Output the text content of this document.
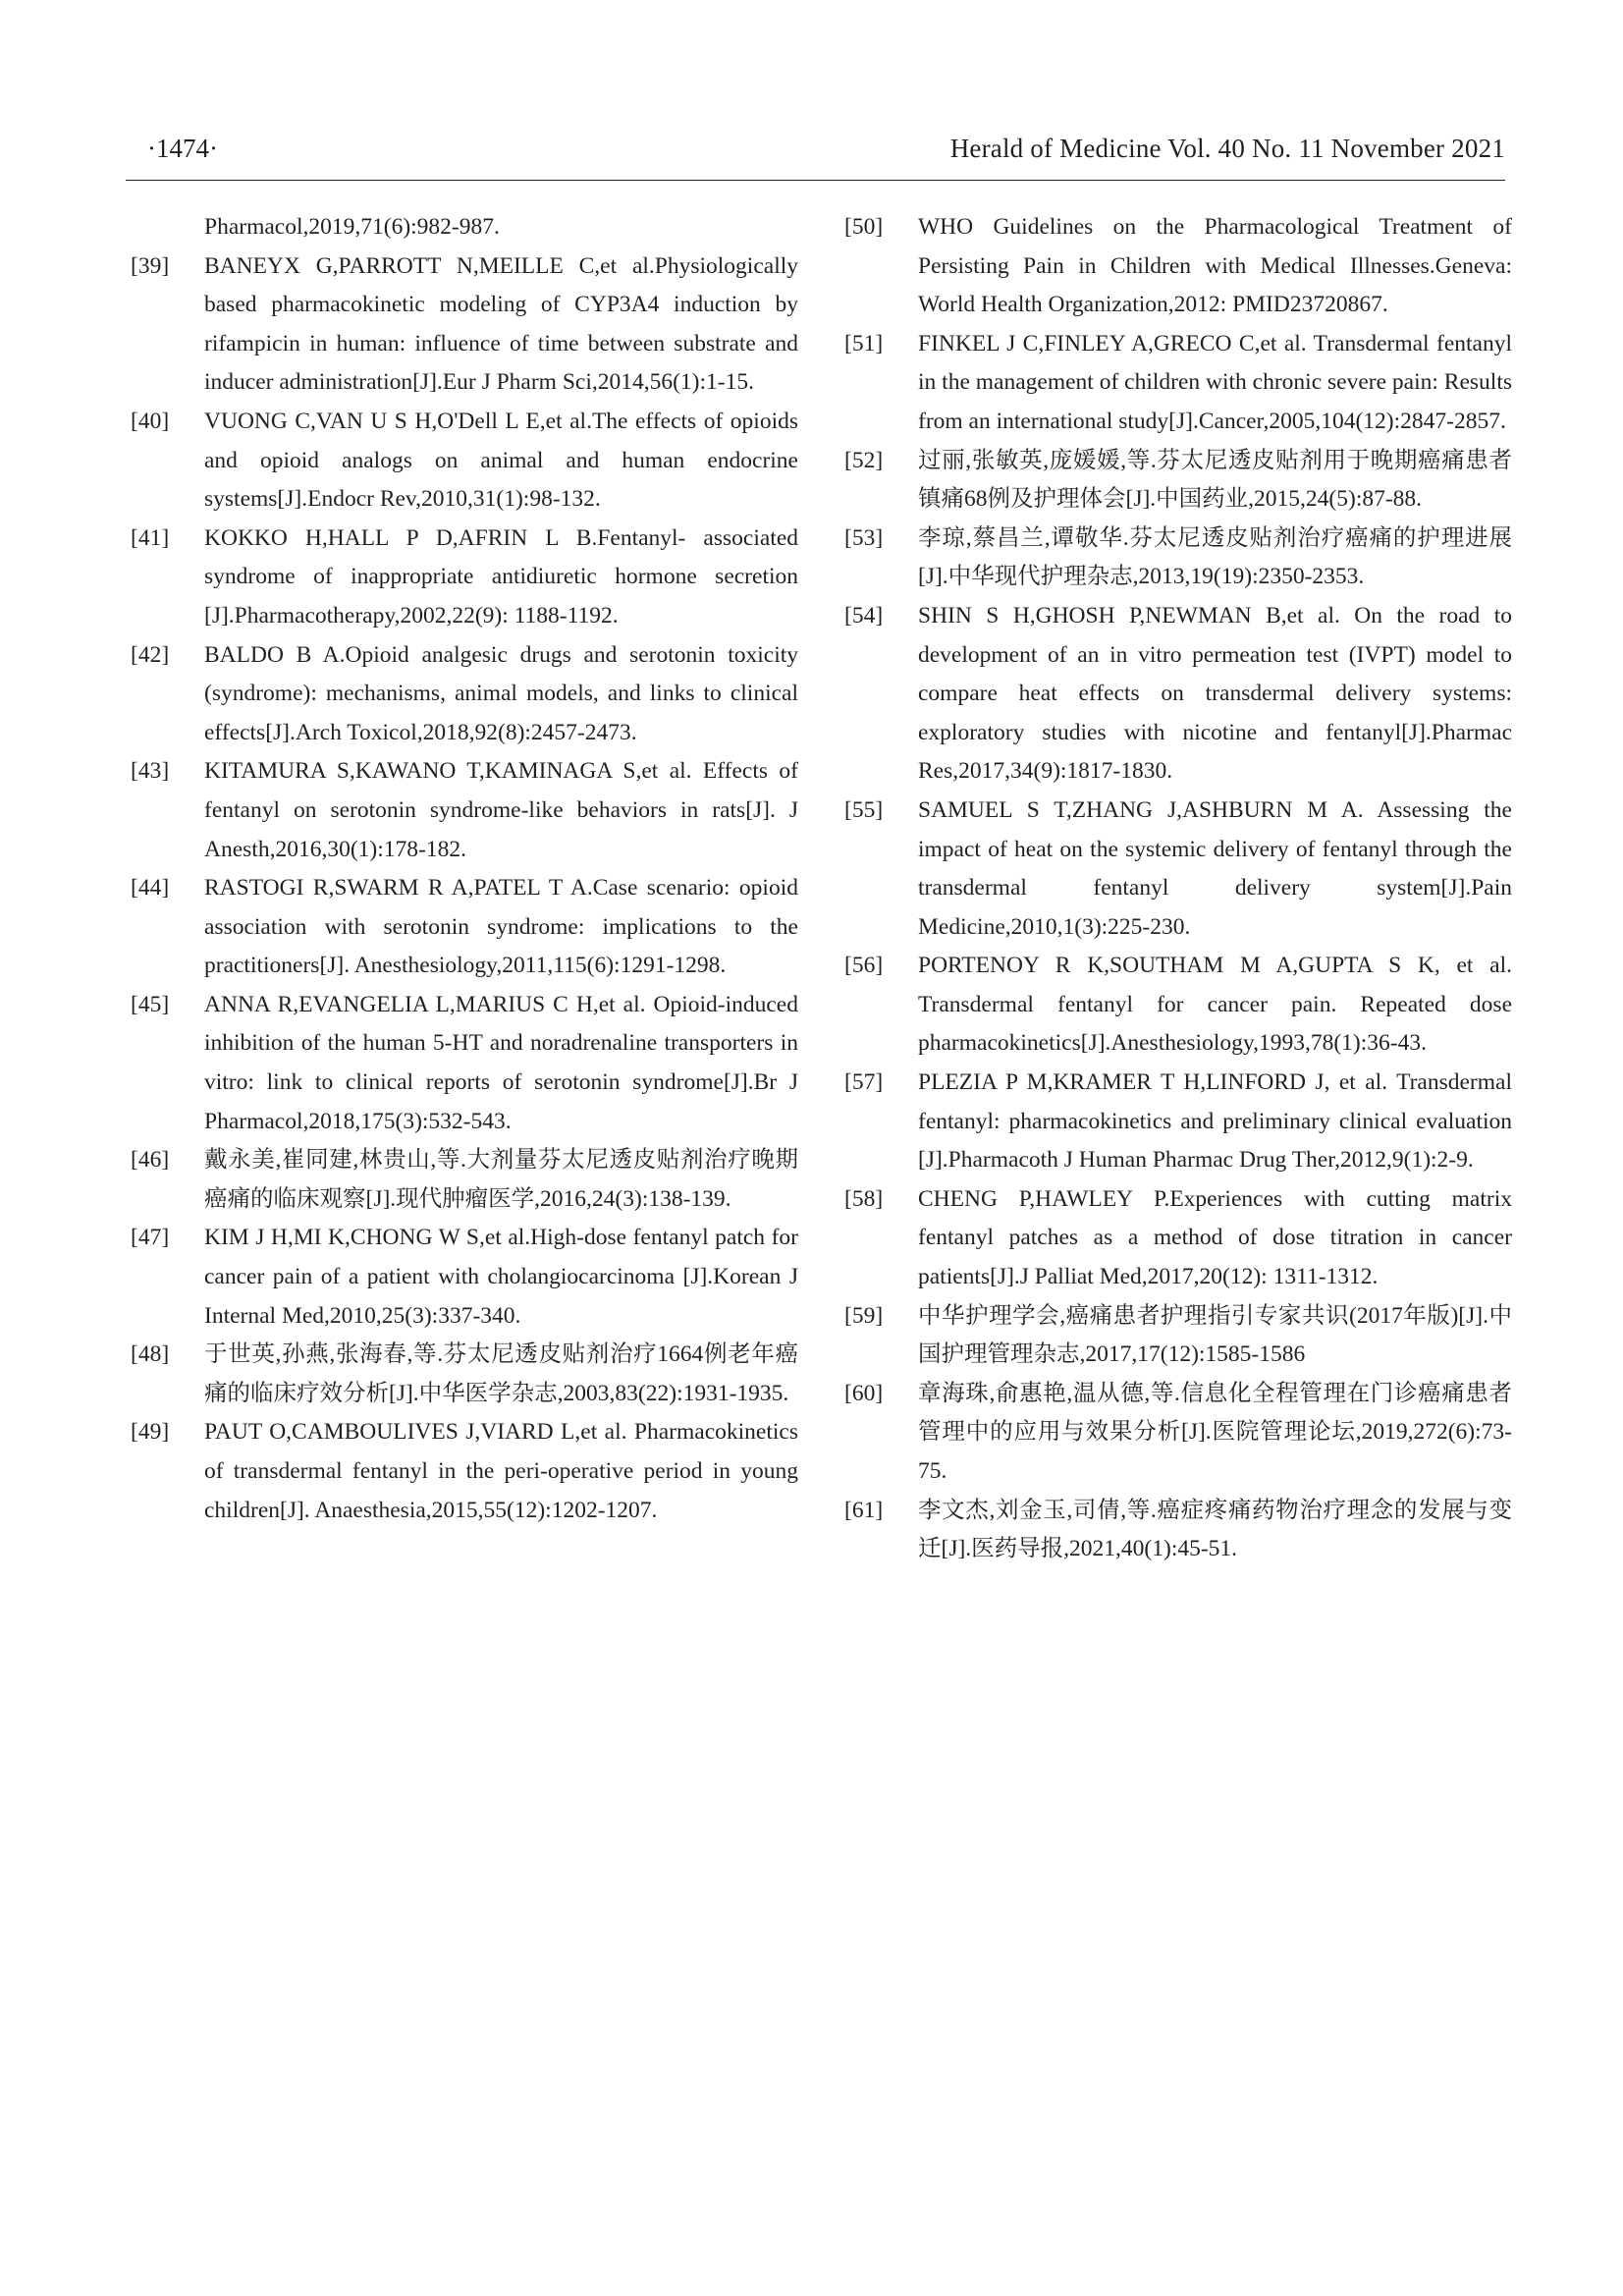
·1474·	Herald of Medicine Vol. 40 No. 11 November 2021
Pharmacol,2019,71(6):982-987.
[39] BANEYX G,PARROTT N,MEILLE C,et al.Physiologically based pharmacokinetic modeling of CYP3A4 induction by rifampicin in human: influence of time between substrate and inducer administration[J].Eur J Pharm Sci,2014,56(1):1-15.
[40] VUONG C,VAN U S H,O'Dell L E,et al.The effects of opioids and opioid analogs on animal and human endocrine systems[J].Endocr Rev,2010,31(1):98-132.
[41] KOKKO H,HALL P D,AFRIN L B.Fentanyl- associated syndrome of inappropriate antidiuretic hormone secretion [J].Pharmacotherapy,2002,22(9): 1188-1192.
[42] BALDO B A.Opioid analgesic drugs and serotonin toxicity (syndrome): mechanisms, animal models, and links to clinical effects[J].Arch Toxicol,2018,92(8):2457-2473.
[43] KITAMURA S,KAWANO T,KAMINAGA S,et al. Effects of fentanyl on serotonin syndrome-like behaviors in rats[J]. J Anesth,2016,30(1):178-182.
[44] RASTOGI R,SWARM R A,PATEL T A.Case scenario: opioid association with serotonin syndrome: implications to the practitioners[J]. Anesthesiology,2011,115(6):1291-1298.
[45] ANNA R,EVANGELIA L,MARIUS C H,et al. Opioid-induced inhibition of the human 5-HT and noradrenaline transporters in vitro: link to clinical reports of serotonin syndrome[J].Br J Pharmacol,2018,175(3):532-543.
[46] 戴永美,崔同建,林贵山,等.大剂量芬太尼透皮贴剂治疗晚期癌痛的临床观察[J].现代肿瘤医学,2016,24(3):138-139.
[47] KIM J H,MI K,CHONG W S,et al.High-dose fentanyl patch for cancer pain of a patient with cholangiocarcinoma [J].Korean J Internal Med,2010,25(3):337-340.
[48] 于世英,孙燕,张海春,等.芬太尼透皮贴剂治疗1664例老年癌痛的临床疗效分析[J].中华医学杂志,2003,83(22):1931-1935.
[49] PAUT O,CAMBOULIVES J,VIARD L,et al. Pharmacokinetics of transdermal fentanyl in the peri-operative period in young children[J]. Anaesthesia,2015,55(12):1202-1207.
[50] WHO Guidelines on the Pharmacological Treatment of Persisting Pain in Children with Medical Illnesses.Geneva: World Health Organization,2012: PMID23720867.
[51] FINKEL J C,FINLEY A,GRECO C,et al. Transdermal fentanyl in the management of children with chronic severe pain: Results from an international study[J].Cancer,2005,104(12):2847-2857.
[52] 过丽,张敏英,庞媛媛,等.芬太尼透皮贴剂用于晚期癌痛患者镇痛68例及护理体会[J].中国药业,2015,24(5):87-88.
[53] 李琼,蔡昌兰,谭敬华.芬太尼透皮贴剂治疗癌痛的护理进展[J].中华现代护理杂志,2013,19(19):2350-2353.
[54] SHIN S H,GHOSH P,NEWMAN B,et al. On the road to development of an in vitro permeation test (IVPT) model to compare heat effects on transdermal delivery systems: exploratory studies with nicotine and fentanyl[J].Pharmac Res,2017,34(9):1817-1830.
[55] SAMUEL S T,ZHANG J,ASHBURN M A. Assessing the impact of heat on the systemic delivery of fentanyl through the transdermal fentanyl delivery system[J].Pain Medicine,2010,1(3):225-230.
[56] PORTENOY R K,SOUTHAM M A,GUPTA S K, et al. Transdermal fentanyl for cancer pain. Repeated dose pharmacokinetics[J].Anesthesiology,1993,78(1):36-43.
[57] PLEZIA P M,KRAMER T H,LINFORD J, et al. Transdermal fentanyl: pharmacokinetics and preliminary clinical evaluation [J].Pharmacoth J Human Pharmac Drug Ther,2012,9(1):2-9.
[58] CHENG P,HAWLEY P.Experiences with cutting matrix fentanyl patches as a method of dose titration in cancer patients[J].J Palliat Med,2017,20(12): 1311-1312.
[59] 中华护理学会,癌痛患者护理指引专家共识(2017年版)[J].中国护理管理杂志,2017,17(12):1585-1586
[60] 章海珠,俞惠艳,温从德,等.信息化全程管理在门诊癌痛患者管理中的应用与效果分析[J].医院管理论坛,2019,272(6):73-75.
[61] 李文杰,刘金玉,司倩,等.癌症疼痛药物治疗理念的发展与变迁[J].医药导报,2021,40(1):45-51.
